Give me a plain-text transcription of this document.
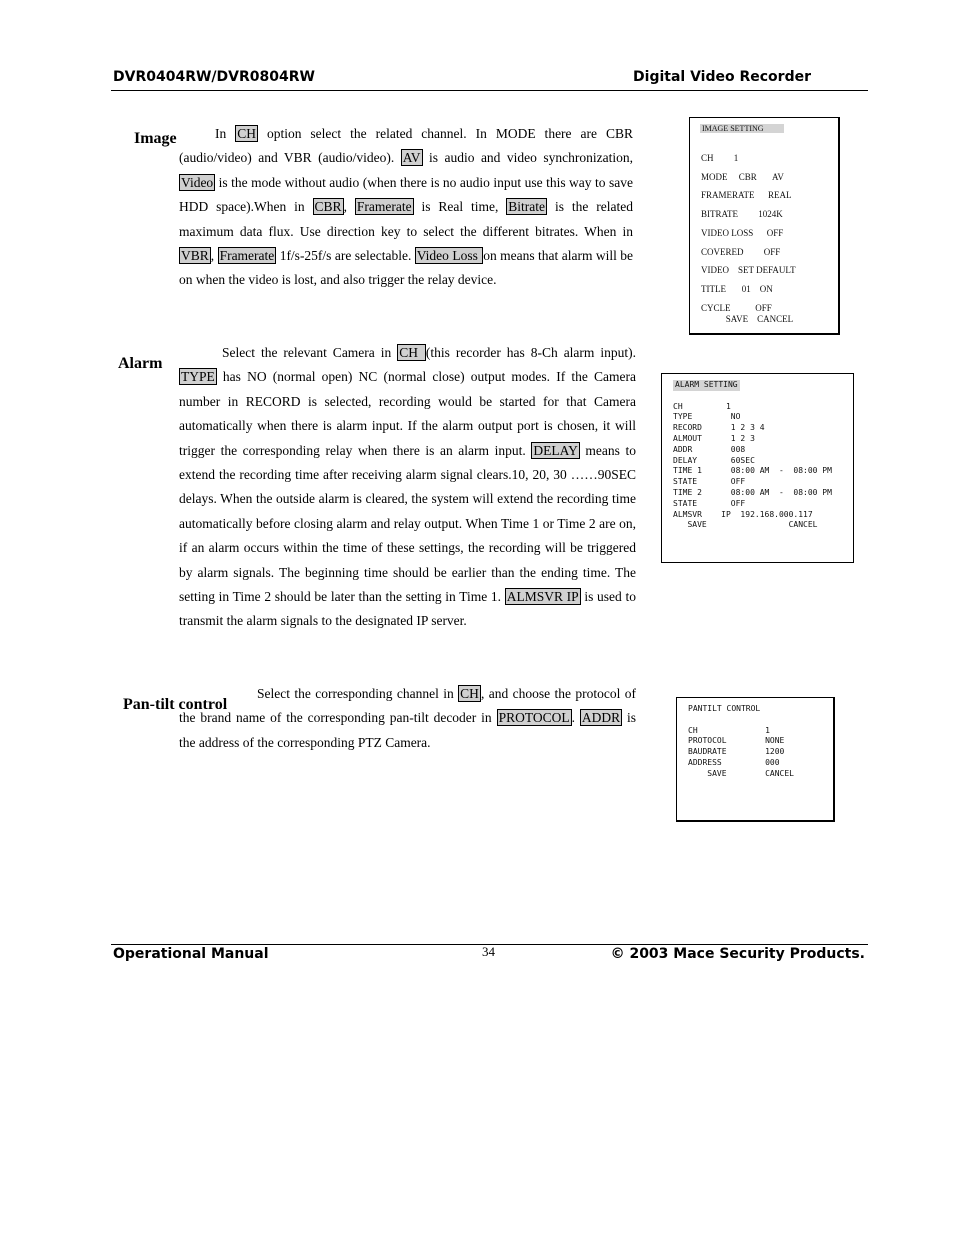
DVR0404RW/DVR0804RW	Digital Video Recorder
Image	In CH option select the related channel. In MODE there are CBR (audio/video) and VBR (audio/video). AV is audio and video synchronization, Video is the mode without audio (when there is no audio input use this way to save HDD space).When in CBR , Framerate is Real time, Bitrate is the related maximum data flux. Use direction key to select the different bitrates. When in VBR , Framerate 1f/s-25f/s are selectable. Video Loss on means that alarm will be on when the video is lost, and also trigger the relay device.
IMAGE SETTING
CH         1
MODE     CBR       AV
FRAMERATE      REAL
BITRATE         1024K
VIDEO LOSS      OFF
COVERED         OFF
VIDEO    SET DEFAULT
TITLE       01    ON
CYCLE           OFF
SAVE    CANCEL
Alarm
Select the relevant Camera in CH (this recorder has 8-Ch alarm input). TYPE has NO (normal open) NC (normal close) output modes. If the Camera number in RECORD is selected, recording would be started for that Camera automatically when there is alarm input. If the alarm output port is chosen, it will trigger the corresponding relay when there is an alarm input. DELAY means to extend the recording time after receiving alarm signal clears.10, 20, 30 ……90SEC delays. When the outside alarm is cleared, the system will extend the recording time automatically before closing alarm and relay output. When Time 1 or Time 2 are on, if an alarm occurs within the time of these settings, the recording will be triggered by alarm signals. The beginning time should be earlier than the ending time. The setting in Time 2 should be later than the setting in Time 1. ALMSVR IP is used to transmit the alarm signals to the designated IP server.
ALARM SETTING

CH         1
TYPE        NO
RECORD      1 2 3 4
ALMOUT      1 2 3
ADDR        008
DELAY       60SEC
TIME 1      08:00 AM  -  08:00 PM
STATE       OFF
TIME 2      08:00 AM  -  08:00 PM
STATE       OFF
ALMSVR    IP  192.168.000.117
SAVE                 CANCEL
Pan-tilt control
Select the corresponding channel in CH , and choose the protocol of the brand name of the corresponding pan-tilt decoder in PROTOCOL . ADDR is the address of the corresponding PTZ Camera.
PANTILT CONTROL

CH              1
PROTOCOL        NONE
BAUDRATE        1200
ADDRESS         000
SAVE        CANCEL
Operational Manual	34	© 2003 Mace Security Products.
